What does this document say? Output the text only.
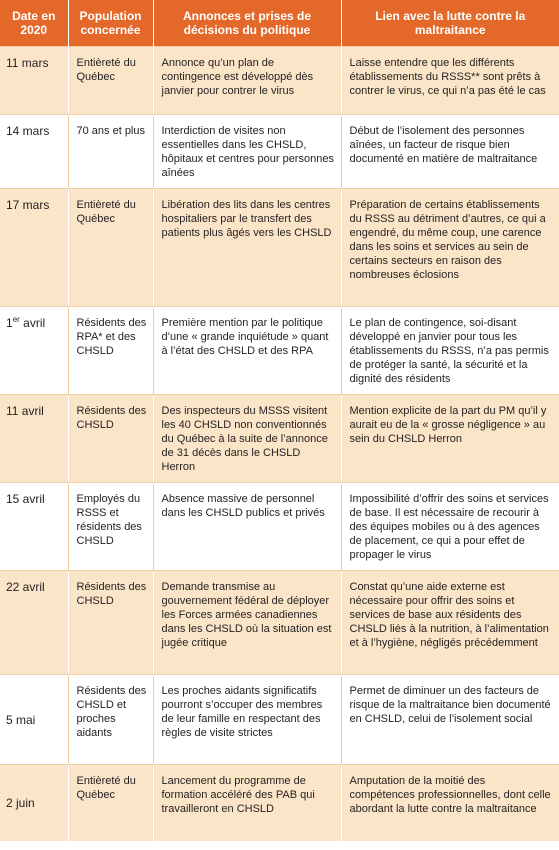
Date en 2020	Population concernée	Annonces et prises de décisions du politique	Lien avec la lutte contre la maltraitance
11 mars	Entièreté du Québec	Annonce qu’un plan de contingence est développé dès janvier pour contrer le virus	Laisse entendre que les différents établissements du RSSS** sont prêts à contrer le virus, ce qui n’a pas été le cas
14 mars	70 ans et plus	Interdiction de visites non essentielles dans les CHSLD, hôpitaux et centres pour personnes aînées	Début de l’isolement des personnes aînées, un facteur de risque bien documenté en matière de maltraitance
17 mars	Entièreté du Québec	Libération des lits dans les centres hospitaliers par le transfert des patients plus âgés vers les CHSLD	Préparation de certains établissements du RSSS au détriment d’autres, ce qui a engendré, du même coup, une carence dans les soins et services au sein de certains secteurs en raison des nombreuses éclosions
1er avril	Résidents des RPA* et des CHSLD	Première mention par le politique d’une « grande inquiétude » quant à l’état des CHSLD et des RPA	Le plan de contingence, soi-disant développé en janvier pour tous les établissements du RSSS, n’a pas permis de protéger la santé, la sécurité et la dignité des résidents
11 avril	Résidents des CHSLD	Des inspecteurs du MSSS visitent les 40 CHSLD non conventionnés du Québec à la suite de l’annonce de 31 décès dans le CHSLD Herron	Mention explicite de la part du PM qu’il y aurait eu de la « grosse négligence » au sein du CHSLD Herron
15 avril	Employés du RSSS et résidents des CHSLD	Absence massive de personnel dans les CHSLD publics et privés	Impossibilité d’offrir des soins et services de base. Il est nécessaire de recourir à des équipes mobiles ou à des agences de placement, ce qui a pour effet de propager le virus
22 avril	Résidents des CHSLD	Demande transmise au gouvernement fédéral de déployer les Forces armées canadiennes dans les CHSLD où la situation est jugée critique	Constat qu’une aide externe est nécessaire pour offrir des soins et services de base aux résidents des CHSLD liés à la nutrition, à l’alimentation et à l’hygiène, négligés précédemment
5 mai	Résidents des CHSLD et proches aidants	Les proches aidants significatifs pourront s’occuper des membres de leur famille en respectant des règles de visite strictes	Permet de diminuer un des facteurs de risque de la maltraitance bien documenté en CHSLD, celui de l’isolement social
2 juin	Entièreté du Québec	Lancement du programme de formation accéléré des PAB qui travailleront en CHSLD	Amputation de la moitié des compétences professionnelles, dont celle abordant la lutte contre la maltraitance
